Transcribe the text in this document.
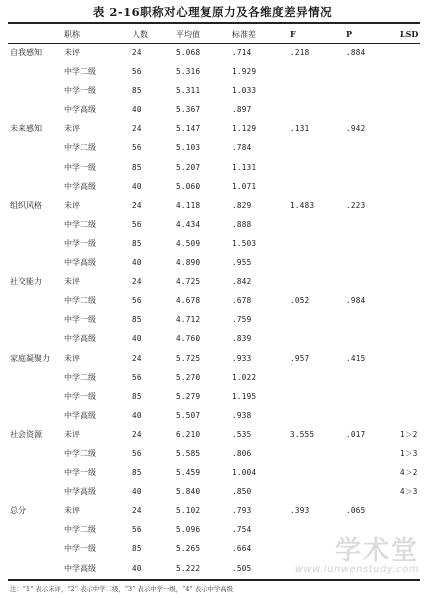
表 2-16职称对心理复原力及各维度差异情况
	职称	人数	平均值	标准差	F	P	LSD
自我感知	未评	24	5.068	.714	.218	.884	
	中学二级	56	5.316	1.929			
	中学一级	85	5.311	1.033			
	中学高级	40	5.367	.897			
未来感知	未评	24	5.147	1.129	.131	.942	
	中学二级	56	5.103	.784			
	中学一级	85	5.207	1.131			
	中学高级	40	5.060	1.071			
组织风格	未评	24	4.118	.829	1.483	.223	
	中学二级	56	4.434	.888			
	中学一级	85	4.509	1.503			
	中学高级	40	4.890	.955			
社交能力	未评	24	4.725	.842			
	中学二级	56	4.678	.678	.052	.984	
	中学一级	85	4.712	.759			
	中学高级	40	4.760	.839			
家庭凝聚力	未评	24	5.725	.933	.957	.415	
	中学二级	56	5.270	1.022			
	中学一级	85	5.279	1.195			
	中学高级	40	5.507	.938			
社会资源	未评	24	6.210	.535	3.555	.017	1＞2
	中学二级	56	5.585	.806			1＞3
	中学一级	85	5.459	1.004			4＞2
	中学高级	40	5.840	.850			4＞3
总分	未评	24	5.102	.793	.393	.065	
	中学二级	56	5.096	.754			
	中学一级	85	5.265	.664			
	中学高级	40	5.222	.505			
注：“1” 表示未评，“2” 表示中学二级，“3” 表示中学一级，“4” 表示中学高级
学术堂
www.lunwenstudy.com
